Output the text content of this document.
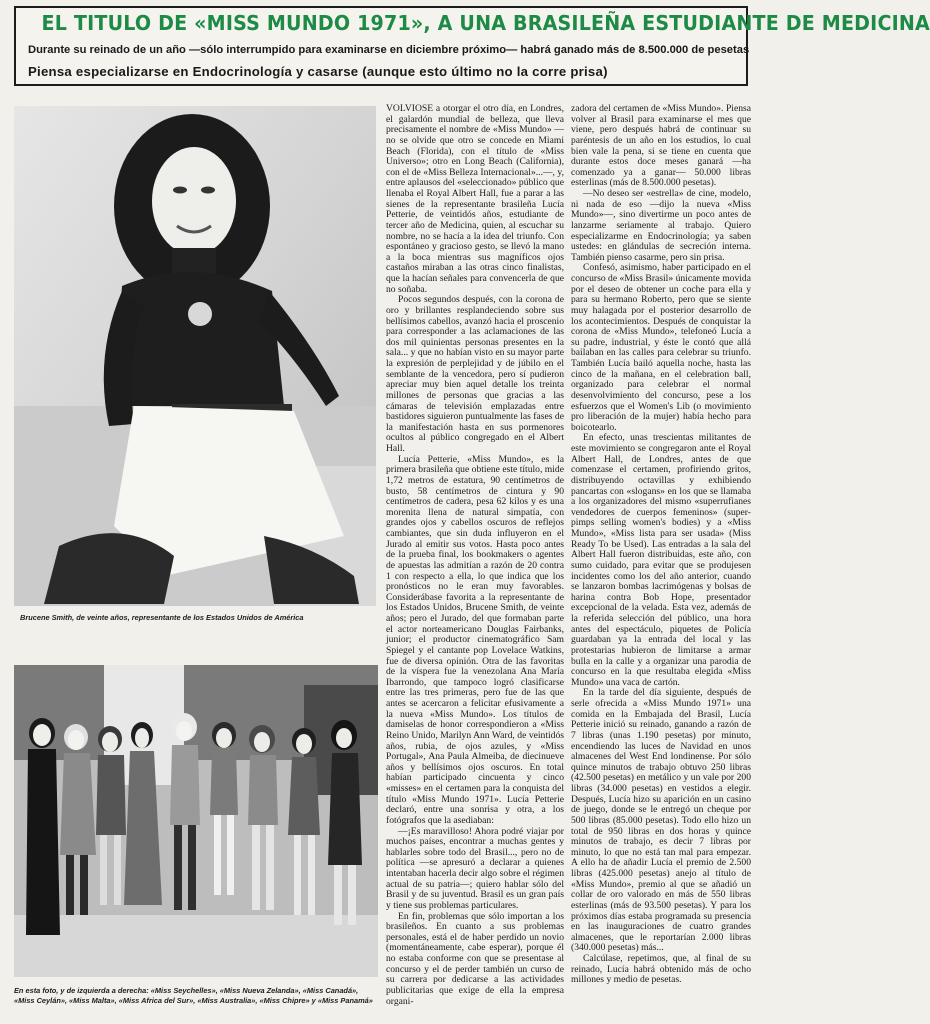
EL TITULO DE «MISS MUNDO 1971», A UNA BRASILEÑA ESTUDIANTE DE MEDICINA
Durante su reinado de un año —sólo interrumpido para examinarse en diciembre próximo— habrá ganado más de 8.500.000 de pesetas
Piensa especializarse en Endocrinología y casarse (aunque esto último no la corre prisa)
Brucene Smith, de veinte años, representante de los Estados Unidos de América
En esta foto, y de izquierda a derecha: «Miss Seychelles», «Miss Nueva Zelanda», «Miss Canadá», «Miss Ceylán», «Miss Malta», «Miss Africa del Sur», «Miss Australia», «Miss Chipre» y «Miss Panamá»

VOLVIOSE a otorgar el otro día, en Londres, el galardón mundial de belleza, que lleva precisamente el nombre de «Miss Mundo» —no se olvide que otro se concede en Miami Beach (Florida), con el título de «Miss Universo»; otro en Long Beach (California), con el de «Miss Belleza Internacional»...—, y, entre aplausos del «seleccionado» público que llenaba el Royal Albert Hall, fue a parar a las sienes de la representante brasileña Lucía Petterie, de veintidós años, estudiante de tercer año de Medicina, quien, al escuchar su nombre, no se hacía a la idea del triunfo. Con espontáneo y gracioso gesto, se llevó la mano a la boca mientras sus magníficos ojos castaños miraban a las otras cinco finalistas, que la hacían señales para convencerla de que no soñaba.

Pocos segundos después, con la corona de oro y brillantes resplandeciendo sobre sus bellísimos cabellos, avanzó hacia el proscenio para corresponder a las aclamaciones de las dos mil quinientas personas presentes en la sala... y que no habían visto en su mayor parte la expresión de perplejidad y de júbilo en el semblante de la vencedora, pero sí pudieron apreciar muy bien aquel detalle los treinta millones de personas que gracias a las cámaras de televisión emplazadas entre bastidores siguieron puntualmente las fases de la manifestación hasta en sus pormenores ocultos al público congregado en el Albert Hall.

Lucía Petterie, «Miss Mundo», es la primera brasileña que obtiene este título, mide 1,72 metros de estatura, 90 centímetros de busto, 58 centímetros de cintura y 90 centímetros de cadera, pesa 62 kilos y es una morenita llena de natural simpatía, con grandes ojos y cabellos oscuros de reflejos cambiantes, que sin duda influyeron en el Jurado al emitir sus votos. Hasta poco antes de la prueba final, los bookmakers o agentes de apuestas las admitían a razón de 20 contra 1 con respecto a ella, lo que indica que los pronósticos no le eran muy favorables. Considerábase favorita a la representante de los Estados Unidos, Brucene Smith, de veinte años; pero el Jurado, del que formaban parte el actor norteamericano Douglas Fairbanks, junior; el productor cinematográfico Sam Spiegel y el cantante pop Lovelace Watkins, fue de diversa opinión. Otra de las favoritas de la víspera fue la venezolana Ana María Ibarrondo, que tampoco logró clasificarse entre las tres primeras, pero fue de las que antes se acercaron a felicitar efusivamente a la nueva «Miss Mundo». Los títulos de damiselas de honor correspondieron a «Miss Reino Unido, Marilyn Ann Ward, de veintidós años, rubia, de ojos azules, y «Miss Portugal», Ana Paula Almeiba, de diecinueve años y bellísimos ojos oscuros. En total habían participado cincuenta y cinco «misses» en el certamen para la conquista del título «Miss Mundo 1971». Lucía Petterie declaró, entre una sonrisa y otra, a los fotógrafos que la asediaban:

—¡Es maravilloso! Ahora podré viajar por muchos países, encontrar a muchas gentes y hablarles sobre todo del Brasil..., pero no de política —se apresuró a declarar a quienes intentaban hacerla decir algo sobre el régimen actual de su patria—; quiero hablar sólo del Brasil y de su juventud. Brasil es un gran país y tiene sus problemas particulares.

En fin, problemas que sólo importan a los brasileños. En cuanto a sus problemas personales, está el de haber perdido un novio (momentáneamente, cabe esperar), porque él no estaba conforme con que se presentase al concurso y el de perder también un curso de su carrera por dedicarse a las actividades publicitarias que exige de ella la empresa organi-

zadora del certamen de «Miss Mundo». Piensa volver al Brasil para examinarse el mes que viene, pero después habrá de continuar su paréntesis de un año en los estudios, lo cual bien vale la pena, si se tiene en cuenta que durante estos doce meses ganará —ha comenzado ya a ganar— 50.000 libras esterlinas (más de 8.500.000 pesetas).

—No deseo ser «estrella» de cine, modelo, ni nada de eso —dijo la nueva «Miss Mundo»—, sino divertirme un poco antes de lanzarme seriamente al trabajo. Quiero especializarme en Endocrinología; ya saben ustedes: en glándulas de secreción interna. También pienso casarme, pero sin prisa.

Confesó, asimismo, haber participado en el concurso de «Miss Brasil» únicamente movida por el deseo de obtener un coche para ella y para su hermano Roberto, pero que se siente muy halagada por el posterior desarrollo de los acontecimientos. Después de conquistar la corona de «Miss Mundo», telefoneó Lucía a su padre, industrial, y éste le contó que allá bailaban en las calles para celebrar su triunfo. También Lucía bailó aquella noche, hasta las cinco de la mañana, en el celebration ball, organizado para celebrar el normal desenvolvimiento del concurso, pese a los esfuerzos que el Women's Lib (o movimiento pro liberación de la mujer) había hecho para boicotearlo.

En efecto, unas trescientas militantes de este movimiento se congregaron ante el Royal Albert Hall, de Londres, antes de que comenzase el certamen, profiriendo gritos, distribuyendo octavillas y exhibiendo pancartas con «slogans» en los que se llamaba a los organizadores del mismo «superrufianes vendedores de cuerpos femeninos» (super-pimps selling women's bodies) y a «Miss Mundo», «Miss lista para ser usada» (Miss Ready To be Used). Las entradas a la sala del Albert Hall fueron distribuidas, este año, con sumo cuidado, para evitar que se produjesen incidentes como los del año anterior, cuando se lanzaron bombas lacrimógenas y bolsas de harina contra Bob Hope, presentador excepcional de la velada. Esta vez, además de la referida selección del público, una hora antes del espectáculo, piquetes de Policía guardaban ya la entrada del local y las protestarias hubieron de limitarse a armar bulla en la calle y a organizar una parodia de concurso en la que resultaba elegida «Miss Mundo» una vaca de cartón.

En la tarde del día siguiente, después de serle ofrecida a «Miss Mundo 1971» una comida en la Embajada del Brasil, Lucía Petterie inició su reinado, ganando a razón de 7 libras (unas 1.190 pesetas) por minuto, encendiendo las luces de Navidad en unos almacenes del West End londinense. Por sólo quince minutos de trabajo obtuvo 250 libras (42.500 pesetas) en metálico y un vale por 200 libras (34.000 pesetas) en vestidos a elegir. Después, Lucía hizo su aparición en un casino de juego, donde se le entregó un cheque por 500 libras (85.000 pesetas). Todo ello hizo un total de 950 libras en dos horas y quince minutos de trabajo, es decir 7 libras por minuto, lo que no está tan mal para empezar. A ello ha de añadir Lucía el premio de 2.500 libras (425.000 pesetas) anejo al título de «Miss Mundo», premio al que se añadió un collar de oro valorado en más de 550 libras esterlinas (más de 93.500 pesetas). Y para los próximos días estaba programada su presencia en las inauguraciones de cuatro grandes almacenes, que le reportarían 2.000 libras (340.000 pesetas) más...

Calcúlase, repetimos, que, al final de su reinado, Lucía habrá obtenido más de ocho millones y medio de pesetas.
